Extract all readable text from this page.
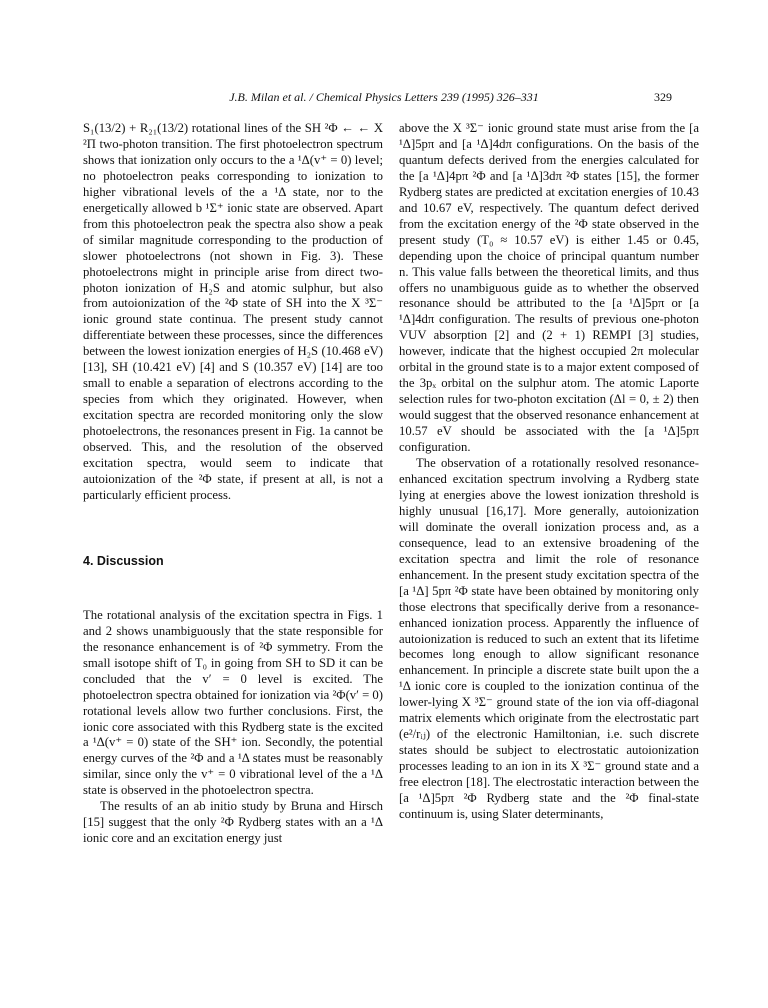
J.B. Milan et al. / Chemical Physics Letters 239 (1995) 326–331	329

S₁(13/2) + R₂₁(13/2) rotational lines of the SH ²Φ ← ← X ²Π two-photon transition. The first photoelectron spectrum shows that ionization only occurs to the a ¹Δ(v⁺ = 0) level; no photoelectron peaks corresponding to ionization to higher vibrational levels of the a ¹Δ state, nor to the energetically allowed b ¹Σ⁺ ionic state are observed. Apart from this photoelectron peak the spectra also show a peak of similar magnitude corresponding to the production of slower photoelectrons (not shown in Fig. 3). These photoelectrons might in principle arise from direct two-photon ionization of H₂S and atomic sulphur, but also from autoionization of the ²Φ state of SH into the X ³Σ⁻ ionic ground state continua. The present study cannot differentiate between these processes, since the differences between the lowest ionization energies of H₂S (10.468 eV) [13], SH (10.421 eV) [4] and S (10.357 eV) [14] are too small to enable a separation of electrons according to the species from which they originated. However, when excitation spectra are recorded monitoring only the slow photoelectrons, the resonances present in Fig. 1a cannot be observed. This, and the resolution of the observed excitation spectra, would seem to indicate that autoionization of the ²Φ state, if present at all, is not a particularly efficient process.

4. Discussion

The rotational analysis of the excitation spectra in Figs. 1 and 2 shows unambiguously that the state responsible for the resonance enhancement is of ²Φ symmetry. From the small isotope shift of T₀ in going from SH to SD it can be concluded that the v′ = 0 level is excited. The photoelectron spectra obtained for ionization via ²Φ(v′ = 0) rotational levels allow two further conclusions. First, the ionic core associated with this Rydberg state is the excited a ¹Δ(v⁺ = 0) state of the SH⁺ ion. Secondly, the potential energy curves of the ²Φ and a ¹Δ states must be reasonably similar, since only the v⁺ = 0 vibrational level of the a ¹Δ state is observed in the photoelectron spectra.

The results of an ab initio study by Bruna and Hirsch [15] suggest that the only ²Φ Rydberg states with an a ¹Δ ionic core and an excitation energy just

above the X ³Σ⁻ ionic ground state must arise from the [a ¹Δ]5pπ and [a ¹Δ]4dπ configurations. On the basis of the quantum defects derived from the energies calculated for the [a ¹Δ]4pπ ²Φ and [a ¹Δ]3dπ ²Φ states [15], the former Rydberg states are predicted at excitation energies of 10.43 and 10.67 eV, respectively. The quantum defect derived from the excitation energy of the ²Φ state observed in the present study (T₀ ≈ 10.57 eV) is either 1.45 or 0.45, depending upon the choice of principal quantum number n. This value falls between the theoretical limits, and thus offers no unambiguous guide as to whether the observed resonance should be attributed to the [a ¹Δ]5pπ or [a ¹Δ]4dπ configuration. The results of previous one-photon VUV absorption [2] and (2 + 1) REMPI [3] studies, however, indicate that the highest occupied 2π molecular orbital in the ground state is to a major extent composed of the 3pₓ orbital on the sulphur atom. The atomic Laporte selection rules for two-photon excitation (Δl = 0, ± 2) then would suggest that the observed resonance enhancement at 10.57 eV should be associated with the [a ¹Δ]5pπ configuration.

The observation of a rotationally resolved resonance-enhanced excitation spectrum involving a Rydberg state lying at energies above the lowest ionization threshold is highly unusual [16,17]. More generally, autoionization will dominate the overall ionization process and, as a consequence, lead to an extensive broadening of the excitation spectra and limit the role of resonance enhancement. In the present study excitation spectra of the [a ¹Δ] 5pπ ²Φ state have been obtained by monitoring only those electrons that specifically derive from a resonance-enhanced ionization process. Apparently the influence of autoionization is reduced to such an extent that its lifetime becomes long enough to allow significant resonance enhancement. In principle a discrete state built upon the a ¹Δ ionic core is coupled to the ionization continua of the lower-lying X ³Σ⁻ ground state of the ion via off-diagonal matrix elements which originate from the electrostatic part (e²/rᵢⱼ) of the electronic Hamiltonian, i.e. such discrete states should be subject to electrostatic autoionization processes leading to an ion in its X ³Σ⁻ ground state and a free electron [18]. The electrostatic interaction between the [a ¹Δ]5pπ ²Φ Rydberg state and the ²Φ final-state continuum is, using Slater determinants,
